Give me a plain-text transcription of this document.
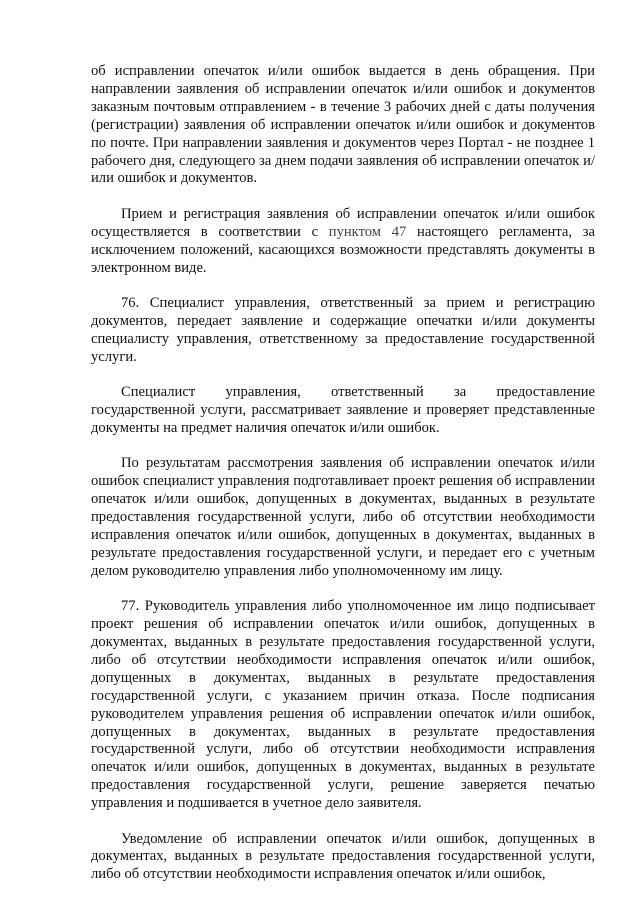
об исправлении опечаток и/или ошибок выдается в день обращения. При направлении заявления об исправлении опечаток и/или ошибок и документов заказным почтовым отправлением - в течение 3 рабочих дней с даты получения (регистрации) заявления об исправлении опечаток и/или ошибок и документов по почте. При направлении заявления и документов через Портал - не позднее 1 рабочего дня, следующего за днем подачи заявления об исправлении опечаток и/или ошибок и документов.

Прием и регистрация заявления об исправлении опечаток и/или ошибок осуществляется в соответствии с пунктом 47 настоящего регламента, за исключением положений, касающихся возможности представлять документы в электронном виде.

76. Специалист управления, ответственный за прием и регистрацию документов, передает заявление и содержащие опечатки и/или документы специалисту управления, ответственному за предоставление государственной услуги.

Специалист управления, ответственный за предоставление государственной услуги, рассматривает заявление и проверяет представленные документы на предмет наличия опечаток и/или ошибок.

По результатам рассмотрения заявления об исправлении опечаток и/или ошибок специалист управления подготавливает проект решения об исправлении опечаток и/или ошибок, допущенных в документах, выданных в результате предоставления государственной услуги, либо об отсутствии необходимости исправления опечаток и/или ошибок, допущенных в документах, выданных в результате предоставления государственной услуги, и передает его с учетным делом руководителю управления либо уполномоченному им лицу.

77. Руководитель управления либо уполномоченное им лицо подписывает проект решения об исправлении опечаток и/или ошибок, допущенных в документах, выданных в результате предоставления государственной услуги, либо об отсутствии необходимости исправления опечаток и/или ошибок, допущенных в документах, выданных в результате предоставления государственной услуги, с указанием причин отказа. После подписания руководителем управления решения об исправлении опечаток и/или ошибок, допущенных в документах, выданных в результате предоставления государственной услуги, либо об отсутствии необходимости исправления опечаток и/или ошибок, допущенных в документах, выданных в результате предоставления государственной услуги, решение заверяется печатью управления и подшивается в учетное дело заявителя.

Уведомление об исправлении опечаток и/или ошибок, допущенных в документах, выданных в результате предоставления государственной услуги, либо об отсутствии необходимости исправления опечаток и/или ошибок,
